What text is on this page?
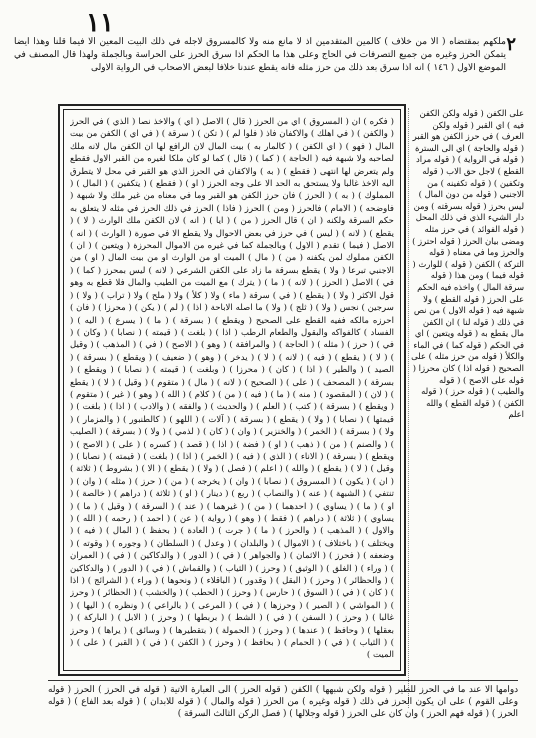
١١
٢

ملكهم بمقتضاه ( الا من خلاف ) كالمين المتقدمين اذ لا مانع منه ولا كالمسروق لاجله في ذلك البيت المعين الا فيما قلنا وهذا ايضا يتمكن الحرز وغيره من جميع التصرفات في الحاج وعلى هذا ما الحكم اذا سرق الحرز على الحراسة وبالجملة ولهذا قال المصنف في الموضع الاول ( ١٤٦ ) انه اذا سرق بعد ذلك من حرز مثله فانه يقطع عندنا خلافا لبعض الاصحاب في الرواية الاولى

( فكره ) ان ( المسروق ) اي من الحرز ( قال ) الاصل ( اي ) والاخذ نصا ( الذي ) في الحرز ( والكفن ) ( في اهلك ) والاكفان فاذ ( فلوا لم ) ( تكن ) ( سرقة ) ( في اي ) الكفن من بيت المال ( فهو ) ( اي الكفن ) ( كالمار به ) بيت المال لان الرافع لها ان الكفن مال لانه ملك لصاحبه ولا شبهة فيه ( الحاجة ) ( كما ) ( قال ) كما لو كان ملكا لغيره من القبر الاول فقطع ولم يتعرض لها انتهى ( فقطع ) ( به ) والاكفان في الحرز الذي هو القبر في محل لا يتطرق اليه الاخذ غالبا ولا يستحق به الحد الا على وجه الحرز ( او ) ( فقطع ) ( يتكفين ) ( المال ) ( المملوك ) ( به ) ( الحرز ) فان حرز الكفن هو القبر وما في معناه من غير ملك ولا شبهة ( فاوضحه ) ( الامام ) فالحرز ( ومن ) الحرز ( فاذا ) الحرز في ذلك الحرز في مثله لا يتعلق به حكم السرقة ولكنه ( ان ) قال الحرز ( من ) ( ايا ) ( انه ) لان الكفن ملك الوارث ( لا ) ( يقطع ) ( لانه ) ( ليس ) في حرز في بعض الاحوال ولا يقطع الا في صورة ( الوارث ) ( انه ) الاصل ( فيما ) تقدم ( الاول ) وبالجملة كما في غيره من الاموال المحرزة ( ويتعين ) ( ان ) الكفن مملوك لمن يكفنه ( من ) ( مال ) الميت او من الوارث او من بيت المال ( او ) من الاجنبي تبرعا ( ولا ) يقطع بسرقة ما زاد على الكفن الشرعي ( لانه ) ليس بمحرز ( كما ) ( في ) الاصل ( الحرز ) ( لانه ) ( ما ) ( يترك ) مع الميت من الطيب والمال فلا قطع به وهو قول الاكثر ( ولا ) ( يقطع ) ( في ) سرقة ( ماء ) ولا ( كلأ ) ولا ( ملح ) ولا ( تراب ) ( ولا ) ( سرجين ) نجس ( ولا ) ( ثلج ) ( ولا ) ما اصله الاباحة ( اذا ) ( لم ) ( يكن ) ( محرزا ) ( فان ) احرزه مالكه ففيه القطع على الصحيح ( ويقطع ) ( بسرقة ) ( ما ) ( يسرع ) ( اليه ) ( الفساد ) كالفواكه والبقول والطعام الرطب ( اذا ) ( بلغت ) ( قيمته ) ( نصابا ) ( وكان ) ( في ) ( حرز ) ( مثله ) ( الحاجة ) ( والمرافقة ) ( وهو ) ( الاصح ) ( في ) ( المذهب ) ( وقيل ) ( لا ) ( يقطع ) ( فيه ) ( لانه ) ( لا ) ( يدخر ) ( وهو ) ( ضعيف ) ( ويقطع ) ( بسرقة ) ( الصيد ) ( والطير ) ( اذا ) ( كان ) ( محرزا ) ( وبلغت ) ( قيمته ) ( نصابا ) ( ويقطع ) ( بسرقة ) ( المصحف ) ( على ) ( الصحيح ) ( لانه ) ( مال ) ( متقوم ) ( وقيل ) ( لا ) ( يقطع ) ( لان ) ( المقصود ) ( منه ) ( ما ) ( فيه ) ( من ) ( كلام ) ( الله ) ( وهو ) ( غير ) ( متقوم ) ( ويقطع ) ( بسرقة ) ( كتب ) ( العلم ) ( والحديث ) ( والفقه ) ( والادب ) ( اذا ) ( بلغت ) ( قيمتها ) ( نصابا ) ( ولا ) ( يقطع ) ( بسرقة ) ( آلات ) ( اللهو ) ( كالطنبور ) ( والمزمار ) ( ولا ) ( بسرقة ) ( الخمر ) ( والخنزير ) ( وان ) ( كان ) ( لذمي ) ( ولا ) ( بسرقة ) ( الصليب ) ( والصنم ) ( من ) ( ذهب ) ( او ) ( فضة ) ( اذا ) ( قصد ) ( كسره ) ( على ) ( الاصح ) ( ويقطع ) ( بسرقة ) ( الاناء ) ( الذي ) ( فيه ) ( الخمر ) ( اذا ) ( بلغت ) ( قيمته ) ( نصابا ) ( وقيل ) ( لا ) ( يقطع ) ( والله ) ( اعلم ) ( فصل ) ( ولا ) ( يقطع ) ( الا ) ( بشروط ) ( ثلاثة ) ( ان ) ( يكون ) ( المسروق ) ( نصابا ) ( وان ) ( يخرجه ) ( من ) ( حرز ) ( مثله ) ( وان ) ( تنتفي ) ( الشبهة ) ( عنه ) ( والنصاب ) ( ربع ) ( دينار ) ( او ) ( ثلاثة ) ( دراهم ) ( خالصة ) ( او ) ( ما ) ( يساوي ) ( احدهما ) ( من ) ( غيرهما ) ( عند ) ( السرقة ) ( وقيل ) ( ما ) ( يساوي ) ( ثلاثة ) ( دراهم ) ( فقط ) ( وهو ) ( رواية ) ( عن ) ( احمد ) ( رحمه ) ( الله ) ( والاول ) ( المذهب ) ( والحرز ) ( ما ) ( جرت ) ( العادة ) ( بحفظ ) ( المال ) ( فيه ) ( ويختلف ) ( باختلاف ) ( الاموال ) ( والبلدان ) ( وعدل ) ( السلطان ) ( وجوره ) ( وقوته ) ( وضعفه ) ( فحرز ) ( الاثمان ) ( والجواهر ) ( في ) ( الدور ) ( والدكاكين ) ( في ) ( العمران ) ( وراء ) ( الغلق ) ( الوثيق ) ( وحرز ) ( الثياب ) ( والقماش ) ( في ) ( الدور ) ( والدكاكين ) ( والحظائر ) ( وحرز ) ( البقل ) ( وقدور ) ( الباقلاء ) ( ونحوها ) ( وراء ) ( الشرائج ) ( اذا ) ( كان ) ( في ) ( السوق ) ( حارس ) ( وحرز ) ( الحطب ) ( والخشب ) ( الحظائر ) ( وحرز ) ( المواشي ) ( الصير ) ( وحرزها ) ( في ) ( المرعى ) ( بالراعي ) ( ونظره ) ( اليها ) ( غالبا ) ( وحرز ) ( السفن ) ( في ) ( الشط ) ( بربطها ) ( وحرز ) ( الابل ) ( الباركة ) ( بعقلها ) ( وحافظ ) ( عندها ) ( وحرز ) ( الحمولة ) ( بتقطيرها ) ( وسائق ) ( يراها ) ( وحرز ) ( الثياب ) ( في ) ( الحمام ) ( بحافظ ) ( وحرز ) ( الكفن ) ( في ) ( القبر ) ( على ) ( الميت )

على الكفن ( قوله ولكن الكفن فيه ) اي القبر ( قوله ولكن العرف ) في حرز الكفن هو القبر ( قوله والحاجة ) اي الى السترة ( قوله في الرواية ) ( قوله مراد القطع ) لاجل حق الاب ( قوله وتكفين ) ( قوله تكفينه ) من الاجنبي ( قوله من دون المال ) ليس بحرز ( قوله بسرقته ) ومن دار الشيء الذي في ذلك المحل ( قوله الفوائد ) في حرز مثله ومضى بيان الحرز ( قوله احترز ) والحرز وما في معناه ( قوله التركة ) الكفن ( قوله ) للوارث ( قوله فيما ) ومن هذا ( قوله سرقة المال ) واخذه فيه الحكم على الحرز ( قوله القطع ) ولا شبهة فيه ( قوله الاول ) من نص في ذلك ( قوله لنا ) ان الكفن مال يقطع به ( قوله ويتعين ) اي في الحكم ( قوله كما ) في الماء والكلأ ( قوله من حرز مثله ) على الصحيح ( قوله اذا ) كان محرزا ( قوله على الاصح ) ( قوله والطيب ) ( قوله حرز ) ( قوله الكفن ) ( قوله القطع ) والله اعلم

دوامها الا عند ما في الحرز للطير ( قوله ولكن شبهها ) الكفن ( قوله الحرز ) الى العبارة الاتية ( قوله في الحرز ) الحرز ( قوله وعلى القوم ) على ان يكون الحرز في ذلك ( قوله وغيره ) من الحرز ( قوله والمال ) ( قوله للابدان ) ( قوله بعد الفاع ) ( قوله الحرز ) ( قوله فهم الحرز ) وان كان على الحرز ( قوله وجلالها ) ( فصل الركن الثالث السرقة )
